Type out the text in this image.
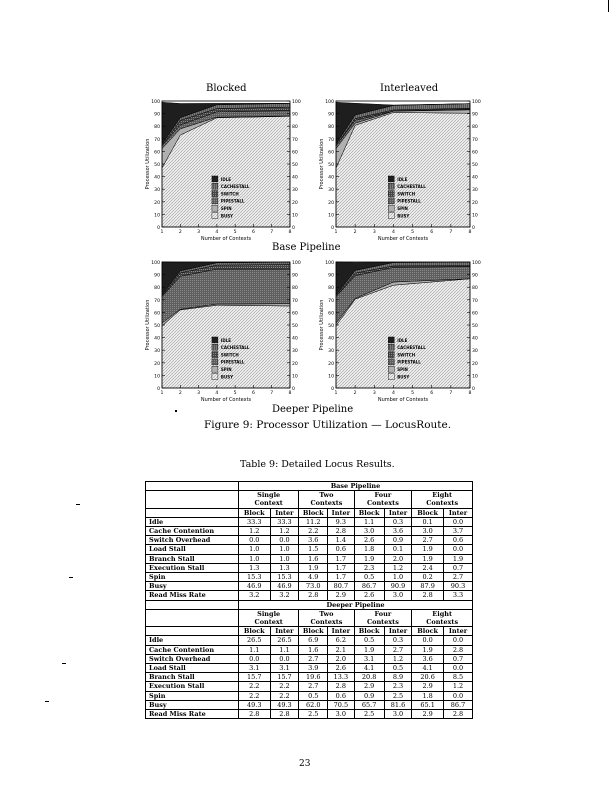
IDLE
CACHESTALL
SWITCH
PIPESTALL
SPIN
BUSY
0	0
10	10
20	20
30	30
40	40
50	50
60	60
70	70
80	80
90	90
100	100
1	2	3	4	5	6	7	8
Number of Contexts
Processor Utilization	IDLE
CACHESTALL
SWITCH
PIPESTALL
SPIN
BUSY
0	0
10	10
20	20
30	30
40	40
50	50
60	60
70	70
80	80
90	90
100	100
1	2	3	4	5	6	7	8
Number of Contexts
Processor Utilization
IDLE
CACHESTALL
SWITCH
PIPESTALL
SPIN
BUSY
0	0
10	10
20	20
30	30
40	40
50	50
60	60
70	70
80	80
90	90
100	100
1	2	3	4	5	6	7	8
Number of Contexts
Processor Utilization	IDLE
CACHESTALL
SWITCH
PIPESTALL
SPIN
BUSY
0	0
10	10
20	20
30	30
40	40
50	50
60	60
70	70
80	80
90	90
100	100
1	2	3	4	5	6	7	8
Number of Contexts
Processor Utilization
Blocked	Interleaved
Base Pipeline
Deeper Pipeline
Figure 9: Processor Utilization — LocusRoute.
Table 9: Detailed Locus Results.
	Base Pipeline							
	Single Context		Two Contexts		Four Contexts		Eight Contexts	
	Block	Inter	Block	Inter	Block	Inter	Block	Inter
Idle	33.3	33.3	11.2	9.3	1.1	0.3	0.1	0.0
Cache Contention	1.2	1.2	2.2	2.8	3.0	3.6	3.0	3.7
Switch Overhead	0.0	0.0	3.6	1.4	2.6	0.9	2.7	0.6
Load Stall	1.0	1.0	1.5	0.6	1.8	0.1	1.9	0.0
Branch Stall	1.0	1.0	1.6	1.7	1.9	2.0	1.9	1.9
Execution Stall	1.3	1.3	1.9	1.7	2.3	1.2	2.4	0.7
Spin	15.3	15.3	4.9	1.7	0.5	1.0	0.2	2.7
Busy	46.9	46.9	73.0	80.7	86.7	90.9	87.9	90.3
Read Miss Rate	3.2	3.2	2.8	2.9	2.6	3.0	2.8	3.3
	Deeper Pipeline							
	Single Context		Two Contexts		Four Contexts		Eight Contexts	
	Block	Inter	Block	Inter	Block	Inter	Block	Inter
Idle	26.5	26.5	6.9	6.2	0.5	0.3	0.0	0.0
Cache Contention	1.1	1.1	1.6	2.1	1.9	2.7	1.9	2.8
Switch Overhead	0.0	0.0	2.7	2.0	3.1	1.2	3.6	0.7
Load Stall	3.1	3.1	3.9	2.6	4.1	0.5	4.1	0.0
Branch Stall	15.7	15.7	19.6	13.3	20.8	8.9	20.6	8.5
Execution Stall	2.2	2.2	2.7	2.8	2.9	2.3	2.9	1.2
Spin	2.2	2.2	0.5	0.6	0.9	2.5	1.8	0.0
Busy	49.3	49.3	62.0	70.5	65.7	81.6	65.1	86.7
Read Miss Rate	2.8	2.8	2.5	3.0	2.5	3.0	2.9	2.8
23
